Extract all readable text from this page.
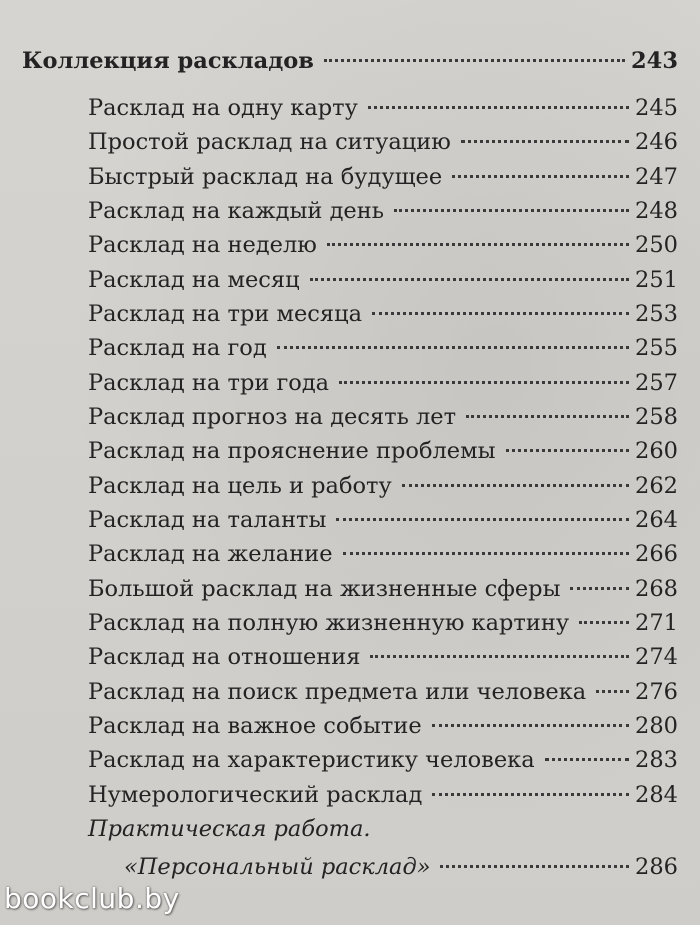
Коллекция раскладов	243
Расклад на одну карту	245
Простой расклад на ситуацию	246
Быстрый расклад на будущее	247
Расклад на каждый день	248
Расклад на неделю	250
Расклад на месяц	251
Расклад на три месяца	253
Расклад на год	255
Расклад на три года	257
Расклад прогноз на десять лет	258
Расклад на прояснение проблемы	260
Расклад на цель и работу	262
Расклад на таланты	264
Расклад на желание	266
Большой расклад на жизненные сферы	268
Расклад на полную жизненную картину	271
Расклад на отношения	274
Расклад на поиск предмета или человека 276
Расклад на важное событие	280
Расклад на характеристику человека	283
Нумерологический расклад	284
Практическая работа.
«Персональный расклад»	286
bookclub.by
